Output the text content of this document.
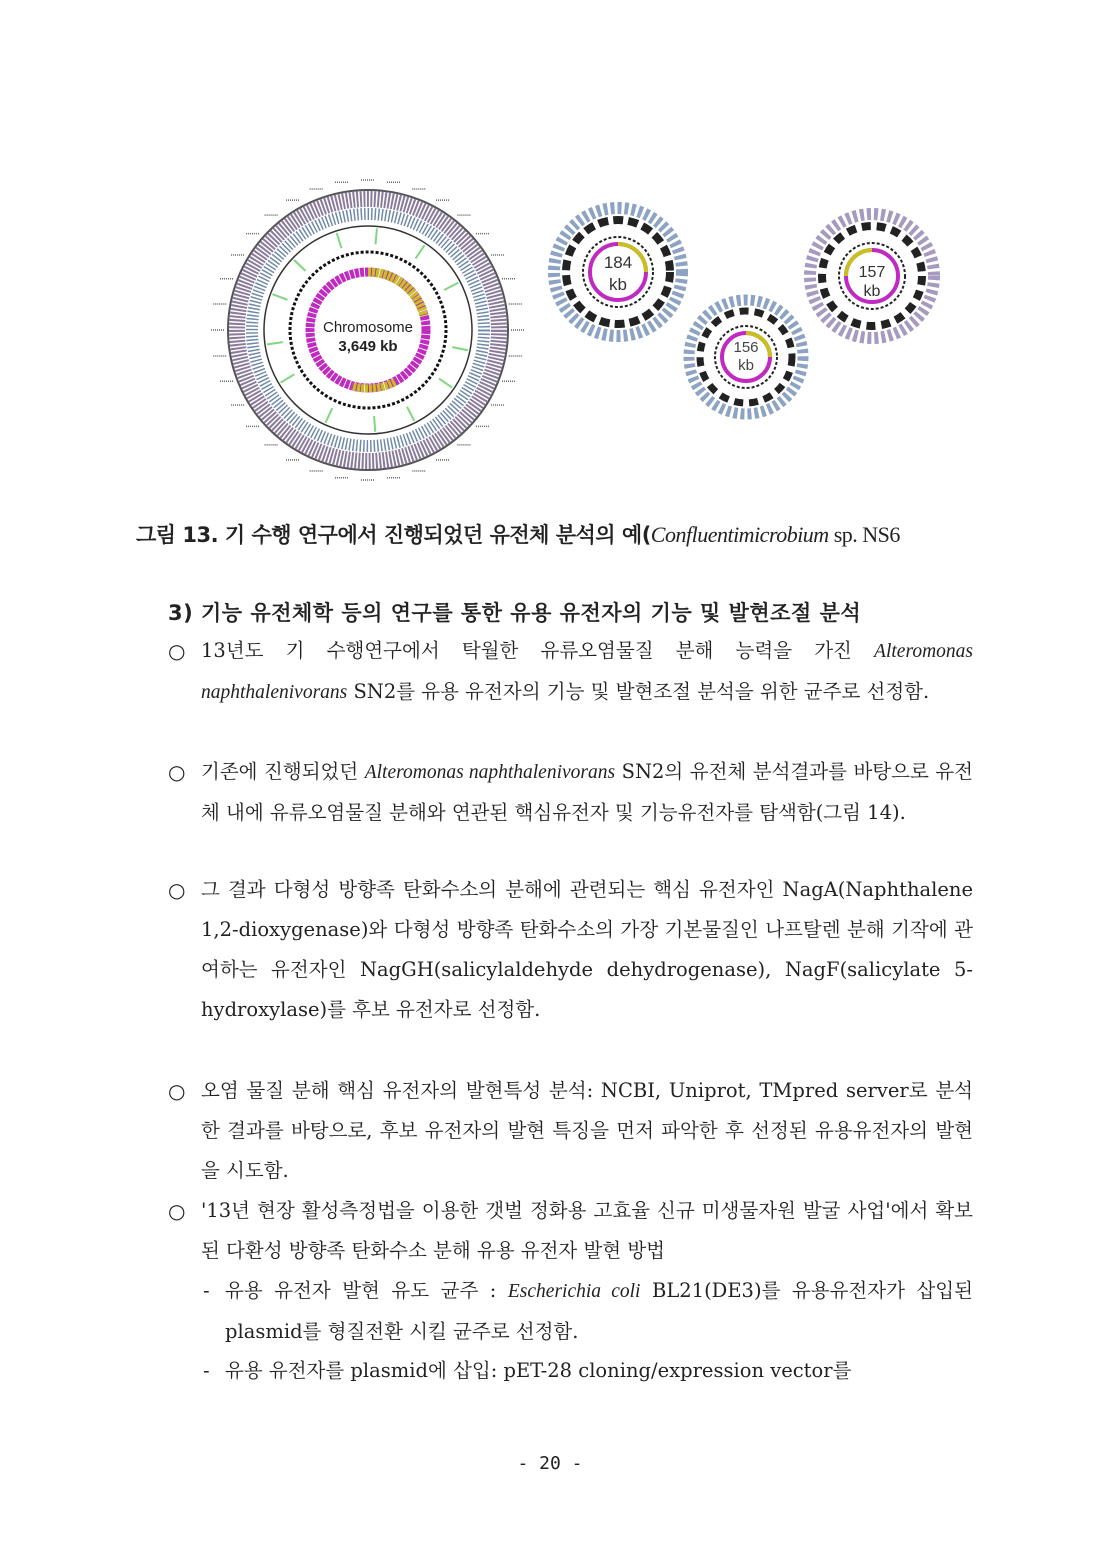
Chromosome
3,649 kb
184
kb
157
kb
156
kb
그림 13. 기 수행 연구에서 진행되었던 유전체 분석의 예(Confluentimicrobium sp. NS6
3) 기능 유전체학 등의 연구를 통한 유용 유전자의 기능 및 발현조절 분석
○ 13년도 기 수행연구에서 탁월한 유류오염물질 분해 능력을 가진 Alteromonas naphthalenivorans SN2를 유용 유전자의 기능 및 발현조절 분석을 위한 균주로 선정함.
○ 기존에 진행되었던 Alteromonas naphthalenivorans SN2의 유전체 분석결과를 바탕으로 유전체 내에 유류오염물질 분해와 연관된 핵심유전자 및 기능유전자를 탐색함(그림 14).
○ 그 결과 다형성 방향족 탄화수소의 분해에 관련되는 핵심 유전자인 NagA(Naphthalene 1,2-dioxygenase)와 다형성 방향족 탄화수소의 가장 기본물질인 나프탈렌 분해 기작에 관여하는 유전자인 NagGH(salicylaldehyde dehydrogenase), NagF(salicylate 5-hydroxylase)를 후보 유전자로 선정함.
○ 오염 물질 분해 핵심 유전자의 발현특성 분석: NCBI, Uniprot, TMpred server로 분석한 결과를 바탕으로, 후보 유전자의 발현 특징을 먼저 파악한 후 선정된 유용유전자의 발현을 시도함.
○ '13년 현장 활성측정법을 이용한 갯벌 정화용 고효율 신규 미생물자원 발굴 사업'에서 확보된 다환성 방향족 탄화수소 분해 유용 유전자 발현 방법
- 유용 유전자 발현 유도 균주 : Escherichia coli BL21(DE3)를 유용유전자가 삽입된 plasmid를 형질전환 시킬 균주로 선정함.
- 유용 유전자를 plasmid에 삽입: pET-28 cloning/expression vector를
- 20 -
